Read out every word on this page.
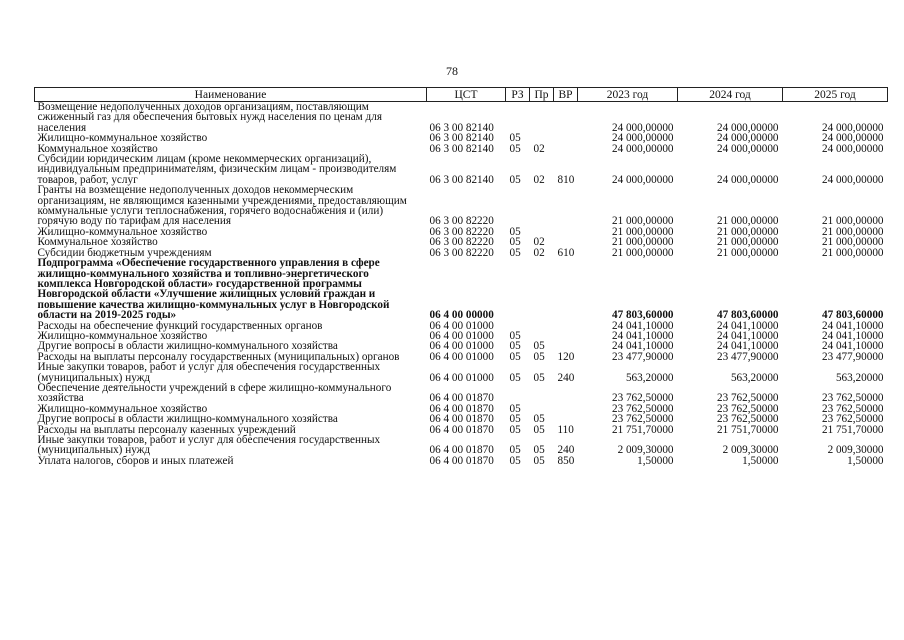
78
Наименование	ЦСТ	РЗ	Пр	ВР	2023 год	2024 год	2025 год
Возмещение недополученных доходов организациям, поставляющим сжиженный газ для обеспечения бытовых нужд населения по ценам для населения	06 3 00 82140				24 000,00000	24 000,00000	24 000,00000
Жилищно-коммунальное хозяйство	06 3 00 82140	05			24 000,00000	24 000,00000	24 000,00000
Коммунальное хозяйство	06 3 00 82140	05	02		24 000,00000	24 000,00000	24 000,00000
Субсидии юридическим лицам (кроме некоммерческих организаций), индивидуальным предпринимателям, физическим лицам - производителям товаров, работ, услуг	06 3 00 82140	05	02	810	24 000,00000	24 000,00000	24 000,00000
Гранты на возмещение недополученных доходов некоммерческим организациям, не являющимся казенными учреждениями, предоставляющим коммунальные услуги теплоснабжения, горячего водоснабжения и (или) горячую воду по тарифам для населения	06 3 00 82220				21 000,00000	21 000,00000	21 000,00000
Жилищно-коммунальное хозяйство	06 3 00 82220	05			21 000,00000	21 000,00000	21 000,00000
Коммунальное хозяйство	06 3 00 82220	05	02		21 000,00000	21 000,00000	21 000,00000
Субсидии бюджетным учреждениям	06 3 00 82220	05	02	610	21 000,00000	21 000,00000	21 000,00000
Подпрограмма «Обеспечение государственного управления в сфере жилищно-коммунального хозяйства и топливно-энергетического комплекса Новгородской области» государственной программы Новгородской области «Улучшение жилищных условий граждан и повышение качества жилищно-коммунальных услуг в Новгородской области на 2019-2025 годы»	06 4 00 00000				47 803,60000	47 803,60000	47 803,60000
Расходы на обеспечение функций государственных органов	06 4 00 01000				24 041,10000	24 041,10000	24 041,10000
Жилищно-коммунальное хозяйство	06 4 00 01000	05			24 041,10000	24 041,10000	24 041,10000
Другие вопросы в области жилищно-коммунального хозяйства	06 4 00 01000	05	05		24 041,10000	24 041,10000	24 041,10000
Расходы на выплаты персоналу государственных (муниципальных) органов	06 4 00 01000	05	05	120	23 477,90000	23 477,90000	23 477,90000
Иные закупки товаров, работ и услуг для обеспечения государственных (муниципальных) нужд	06 4 00 01000	05	05	240	563,20000	563,20000	563,20000
Обеспечение деятельности учреждений в сфере жилищно-коммунального хозяйства	06 4 00 01870				23 762,50000	23 762,50000	23 762,50000
Жилищно-коммунальное хозяйство	06 4 00 01870	05			23 762,50000	23 762,50000	23 762,50000
Другие вопросы в области жилищно-коммунального хозяйства	06 4 00 01870	05	05		23 762,50000	23 762,50000	23 762,50000
Расходы на выплаты персоналу казенных учреждений	06 4 00 01870	05	05	110	21 751,70000	21 751,70000	21 751,70000
Иные закупки товаров, работ и услуг для обеспечения государственных (муниципальных) нужд	06 4 00 01870	05	05	240	2 009,30000	2 009,30000	2 009,30000
Уплата налогов, сборов и иных платежей	06 4 00 01870	05	05	850	1,50000	1,50000	1,50000
